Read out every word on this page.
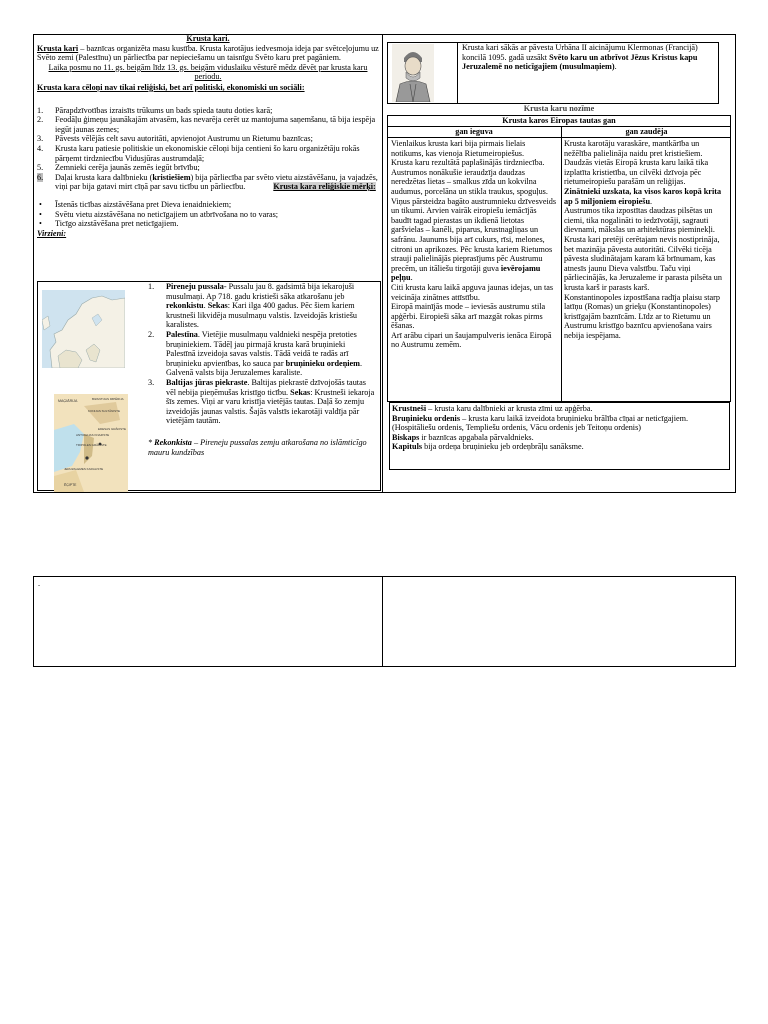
Krusta kari.
Krusta kari – baznīcas organizēta masu kustība. Krusta karotājus iedvesmoja ideja par svētceļojumu uz Svēto zemi (Palestīnu) un pārliecība par nepieciešamu un taisnīgu Svēto karu pret pagāniem.
Laika posmu no 11. gs. beigām līdz 13. gs. beigām viduslaiku vēsturē mēdz dēvēt par krusta karu periodu.
Krusta kara cēloņi nav tikai reliģiski, bet arī politiski, ekonomiski un sociāli:
1. Pārapdzīvotības izraisīts trūkums un bads spieda tautu doties karā;
2. Feodāļu ģimeņu jaunākajām atvasēm, kas nevarēja cerēt uz mantojuma saņemšanu, tā bija iespēja iegūt jaunas zemes;
3. Pāvests vēlējās celt savu autoritāti, apvienojot Austrumu un Rietumu baznīcas;
4. Krusta karu patiesie politiskie un ekonomiskie cēloņi bija centieni šo karu organizētāju rokās pārņemt tirdzniecību Vidusjūras austrumdaļā;
5. Zemnieki cerēja jaunās zemēs iegūt brīvību;
6. Daļai krusta kara dalībnieku (kristiešiem) bija pārliecība par svēto vietu aizstāvēšanu, ja vajadzēs, viņi par bija gatavi mirt cīņā par savu ticību un pārliecību.	Krusta kara reliģiskie mērķi:
• Īstenās ticības aizstāvēšana pret Dieva ienaidniekiem;
• Svētu vietu aizstāvēšana no neticīgajiem un atbrīvošana no to varas;
• Ticīgo aizstāvēšana pret neticīgajiem.
Virzieni:
MAĢIĀRIJA	BIZANTIJAS IMPĒRIJA
KONIJAS SULTĀNISTE
EDESAS GRĀFISTE
ANTIOHIJAS KNAZISTE
TRIPOLES GRĀFISTE
JERUZALEMES KARALISTE
ĒĢIPTE
1. Pireneju pussala- Pussalu jau 8. gadsimtā bija iekarojuši musulmaņi. Ap 718. gadu kristieši sāka atkarošanu jeb rekonkistu. Sekas: Kari ilga 400 gadus. Pēc šiem kariem krustneši likvidēja musulmaņu valstis. Izveidojās kristiešu karalistes.
2. Palestīna. Vietējie musulmaņu valdnieki nespēja pretoties bruņiniekiem. Tādēļ jau pirmajā krusta karā bruņinieki Palestīnā izveidoja savas valstis. Tādā veidā te radās arī bruņinieku apvienības, ko sauca par bruņinieku ordeņiem. Galvenā valsts bija Jeruzalemes karaliste.
3. Baltijas jūras piekraste. Baltijas piekrastē dzīvojošās tautas vēl nebija pieņēmušas kristīgo ticību. Sekas: Krustneši iekaroja šīs zemes. Viņi ar varu kristīja vietējās tautas. Daļā šo zemju izveidojās jaunas valstis. Šajās valstīs iekarotāji valdīja pār vietējām tautām.
* Rekonkista – Pireneju pussalas zemju atkarošana no islāmticīgo mauru kundzības
Krusta kari sākās ar pāvesta Urbāna II aicinājumu Klermonas (Francijā) koncilā 1095. gadā uzsākt Svēto karu un atbrīvot Jēzus Kristus kapu Jeruzalemē no neticīgajiem (musulmaņiem).
Krusta karu nozīme
Krusta karos Eiropas tautas gan
gan ieguva	gan zaudēja
Vienlaikus krusta kari bija pirmais lielais notikums, kas vienoja Rietumeiropiešus.
Krusta karu rezultātā paplašinājās tirdzniecība. Austrumos nonākušie ieraudzīja daudzas neredzētas lietas – smalkus zīda un kokvilna audumus, porcelāna un stikla traukus, spoguļus. Viņus pārsteidza bagāto austrumnieku dzīvesveids un tikumi. Arvien vairāk eiropiešu iemācījās baudīt tagad pierastas un ikdienā lietotas garšvielas – kanēli, piparus, krustnagliņas un safrānu. Jaunums bija arī cukurs, rīsi, melones, citroni un aprikozes. Pēc krusta kariem Rietumos strauji palielinājās pieprasījums pēc Austrumu precēm, un itāliešu tirgotāji guva ievērojamu peļņu.
Citi krusta karu laikā apguva jaunas idejas, un tas veicināja zinātnes attīstību.
Eiropā mainījās mode – ieviesās austrumu stila apģērbi. Eiropieši sāka arī mazgāt rokas pirms ēšanas.
Arī arābu cipari un šaujampulveris ienāca Eiropā no Austrumu zemēm.
Krusta karotāju varaskāre, mantkārība un nežēlība palielināja naidu pret kristiešiem.
Daudzās vietās Eiropā krusta karu laikā tika izplatīta kristietība, un cilvēki dzīvoja pēc rietumeiropiešu parašām un reliģijas.
Zinātnieki uzskata, ka visos karos kopā krita ap 5 miljoniem eiropiešu.
Austrumos tika izpostītas daudzas pilsētas un ciemi, tika nogalināti to iedzīvotāji, sagrauti dievnami, mākslas un arhitektūras pieminekļi.
Krusta kari pretēji cerētajam nevis nostiprināja, bet mazināja pāvesta autoritāti. Cilvēki ticēja pāvesta sludinātajam karam kā brīnumam, kas atnesīs jaunu Dieva valstību. Taču viņi pārliecinājās, ka Jeruzaleme ir parasta pilsēta un krusta karš ir parasts karš.
Konstantinopoles izpostīšana radīja plaisu starp latīņu (Romas) un grieķu (Konstantinopoles) kristīgajām baznīcām. Līdz ar to Rietumu un Austrumu kristīgo baznīcu apvienošana vairs nebija iespējama.
Krustneši – krusta karu dalībnieki ar krusta zīmi uz apģērba.
Bruņinieku ordenis – krusta karu laikā izveidota bruņinieku brālība cīņai ar neticīgajiem. (Hospitāliešu ordenis, Templiešu ordenis, Vācu ordenis jeb Teitoņu ordenis)
Biskaps ir baznīcas apgabala pārvaldnieks.
Kapituls bija ordeņa bruņinieku jeb ordeņbrāļu sanāksme.
.
